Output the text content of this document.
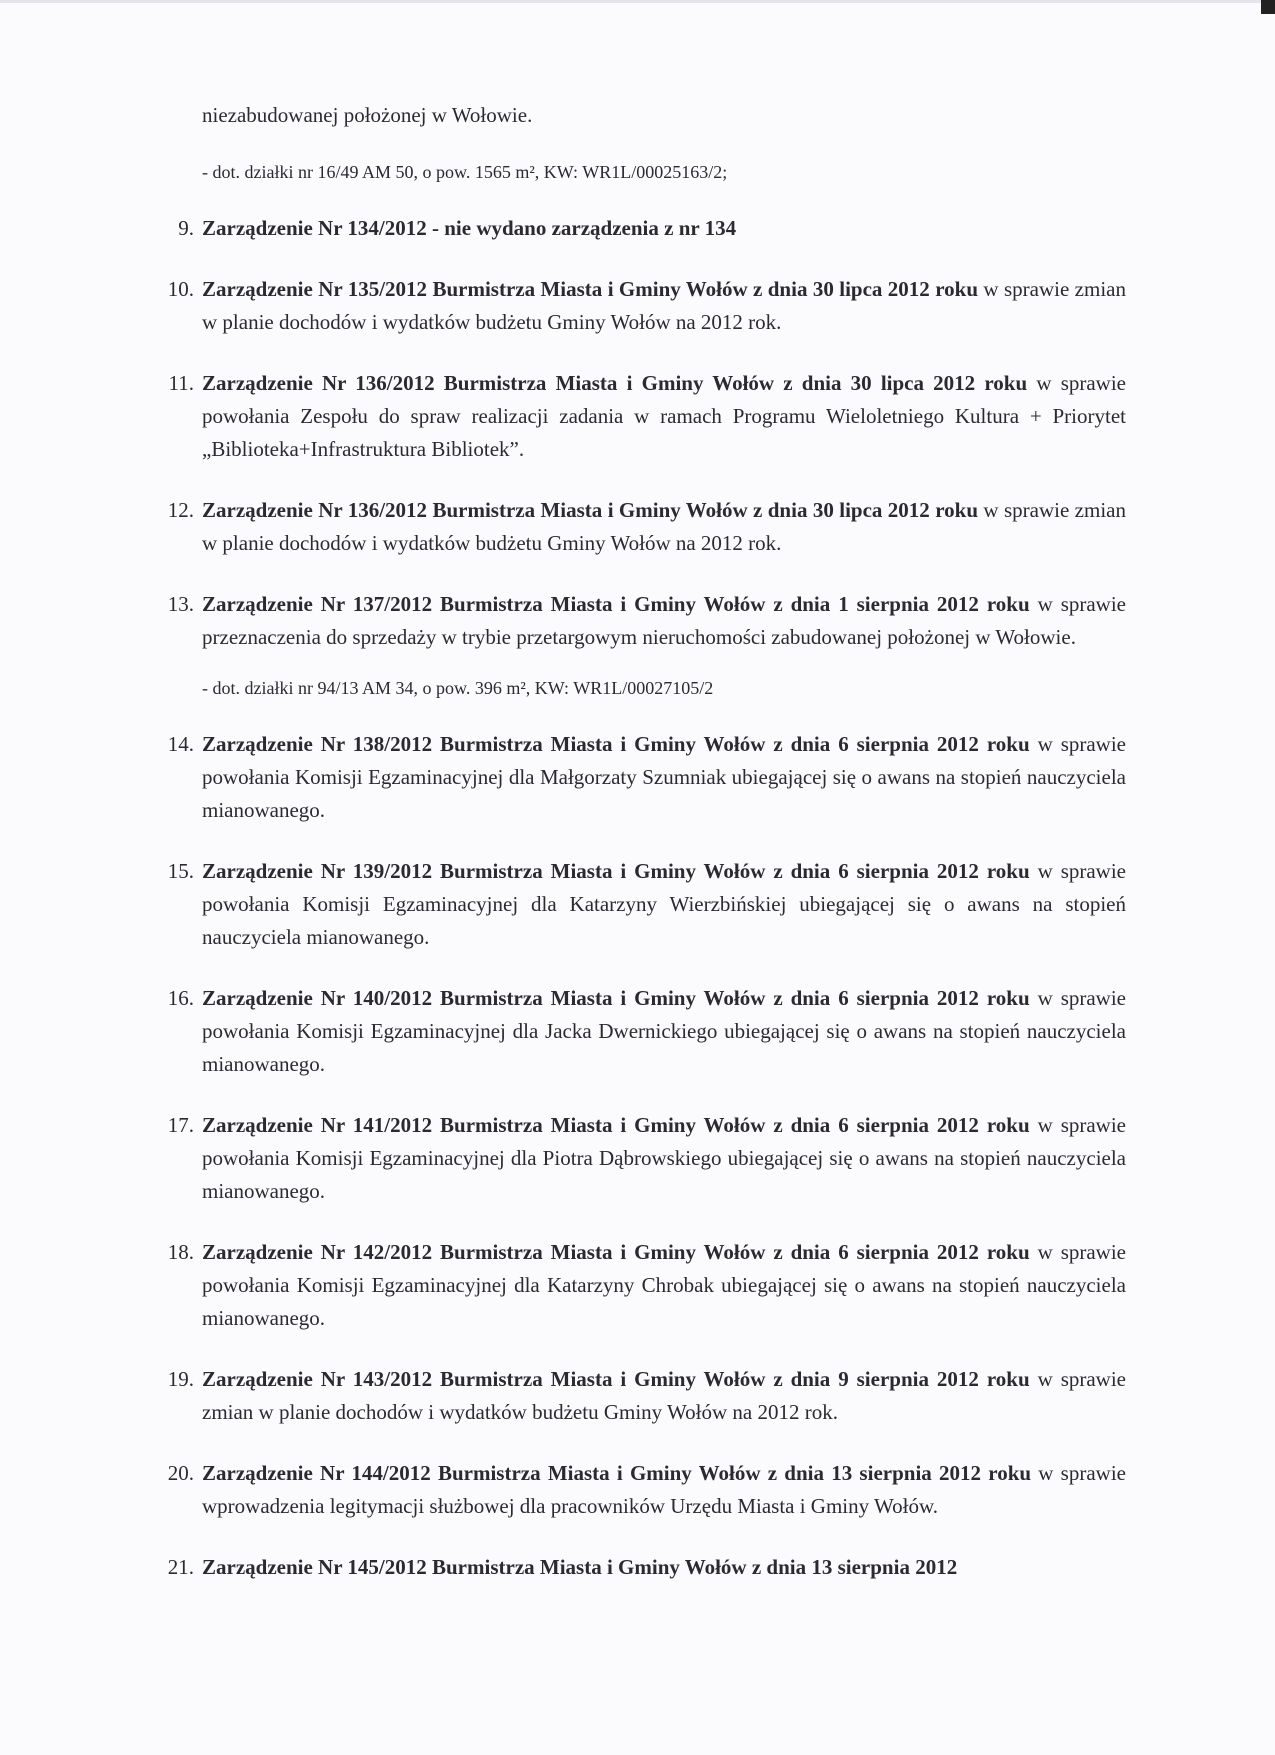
niezabudowanej położonej w Wołowie.

- dot. działki nr 16/49 AM 50, o pow. 1565 m², KW: WR1L/00025163/2;

9. Zarządzenie Nr 134/2012 - nie wydano zarządzenia z nr 134
10. Zarządzenie Nr 135/2012 Burmistrza Miasta i Gminy Wołów z dnia 30 lipca 2012 roku w sprawie zmian w planie dochodów i wydatków budżetu Gminy Wołów na 2012 rok.
11. Zarządzenie Nr 136/2012 Burmistrza Miasta i Gminy Wołów z dnia 30 lipca 2012 roku w sprawie powołania Zespołu do spraw realizacji zadania w ramach Programu Wieloletniego Kultura + Priorytet „Biblioteka+Infrastruktura Bibliotek”.
12. Zarządzenie Nr 136/2012 Burmistrza Miasta i Gminy Wołów z dnia 30 lipca 2012 roku w sprawie zmian w planie dochodów i wydatków budżetu Gminy Wołów na 2012 rok.
13. Zarządzenie Nr 137/2012 Burmistrza Miasta i Gminy Wołów z dnia 1 sierpnia 2012 roku w sprawie przeznaczenia do sprzedaży w trybie przetargowym nieruchomości zabudowanej położonej w Wołowie.

- dot. działki nr 94/13 AM 34, o pow. 396 m², KW: WR1L/00027105/2

14. Zarządzenie Nr 138/2012 Burmistrza Miasta i Gminy Wołów z dnia 6 sierpnia 2012 roku w sprawie powołania Komisji Egzaminacyjnej dla Małgorzaty Szumniak ubiegającej się o awans na stopień nauczyciela mianowanego.
15. Zarządzenie Nr 139/2012 Burmistrza Miasta i Gminy Wołów z dnia 6 sierpnia 2012 roku w sprawie powołania Komisji Egzaminacyjnej dla Katarzyny Wierzbińskiej ubiegającej się o awans na stopień nauczyciela mianowanego.
16. Zarządzenie Nr 140/2012 Burmistrza Miasta i Gminy Wołów z dnia 6 sierpnia 2012 roku w sprawie powołania Komisji Egzaminacyjnej dla Jacka Dwernickiego ubiegającej się o awans na stopień nauczyciela mianowanego.
17. Zarządzenie Nr 141/2012 Burmistrza Miasta i Gminy Wołów z dnia 6 sierpnia 2012 roku w sprawie powołania Komisji Egzaminacyjnej dla Piotra Dąbrowskiego ubiegającej się o awans na stopień nauczyciela mianowanego.
18. Zarządzenie Nr 142/2012 Burmistrza Miasta i Gminy Wołów z dnia 6 sierpnia 2012 roku w sprawie powołania Komisji Egzaminacyjnej dla Katarzyny Chrobak ubiegającej się o awans na stopień nauczyciela mianowanego.
19. Zarządzenie Nr 143/2012 Burmistrza Miasta i Gminy Wołów z dnia 9 sierpnia 2012 roku w sprawie zmian w planie dochodów i wydatków budżetu Gminy Wołów na 2012 rok.
20. Zarządzenie Nr 144/2012 Burmistrza Miasta i Gminy Wołów z dnia 13 sierpnia 2012 roku w sprawie wprowadzenia legitymacji służbowej dla pracowników Urzędu Miasta i Gminy Wołów.
21. Zarządzenie Nr 145/2012 Burmistrza Miasta i Gminy Wołów z dnia 13 sierpnia 2012
